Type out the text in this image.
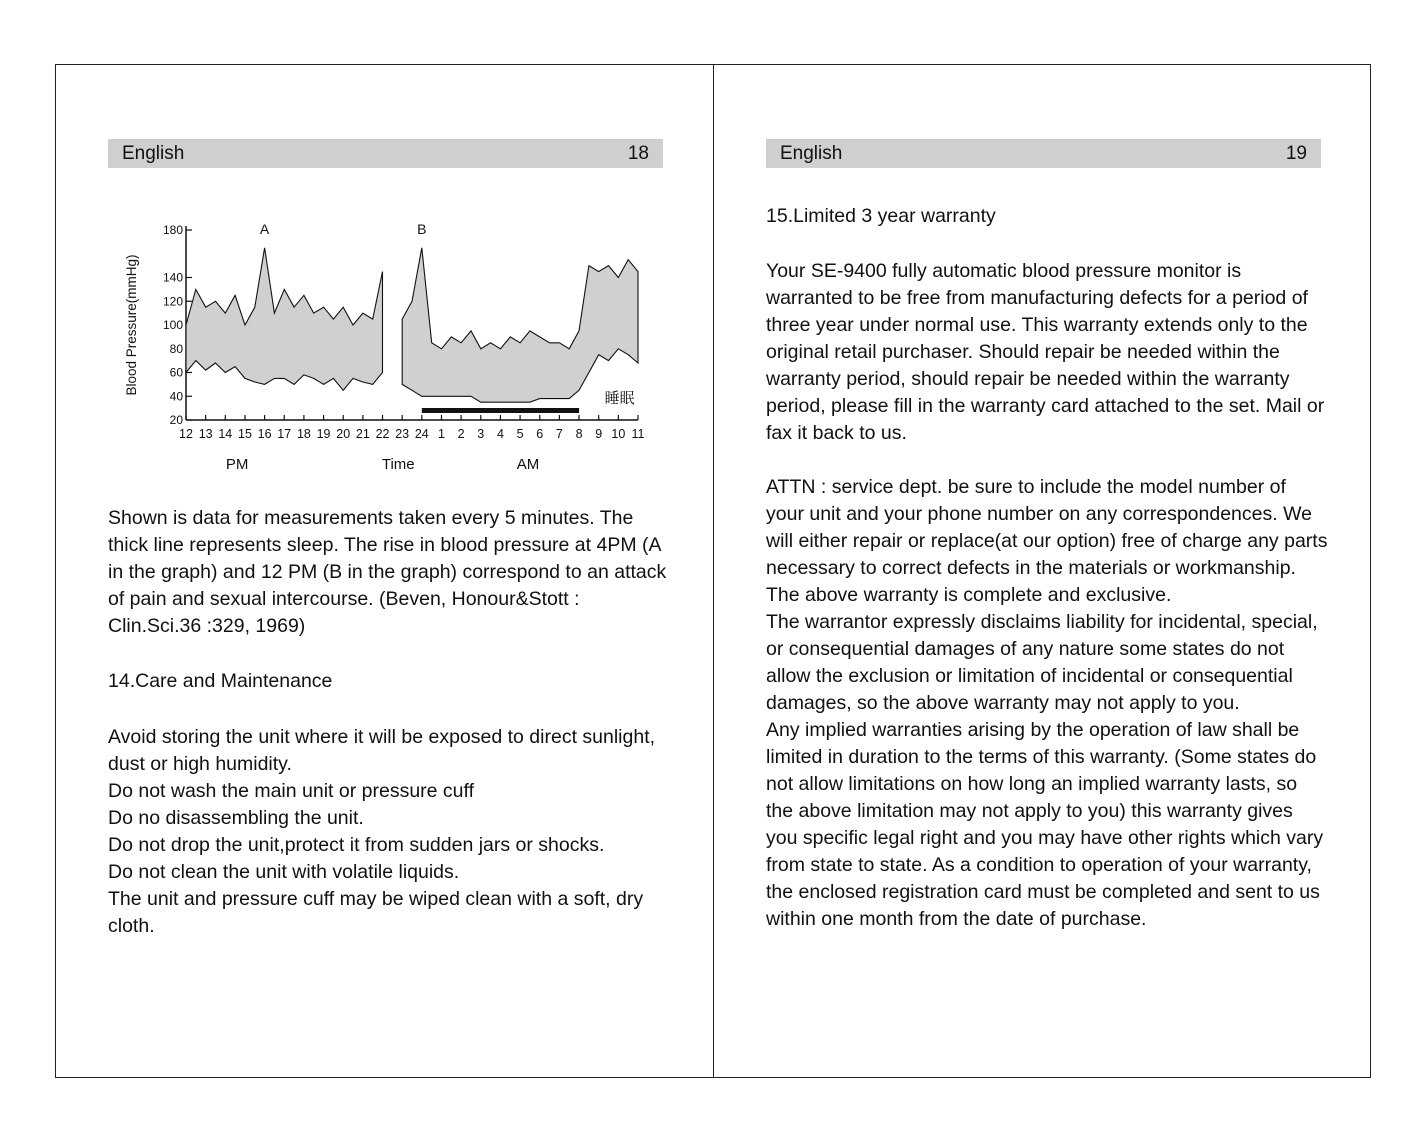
English	18
20
40
60
80
100
120
140
180
12 13 14 15 16 17 18 19 20 21 22 23 24 1 2 3 4 5 6 7 8 9 10 11
睡眠
A	B
Blood Pressure(mmHg)
PM	Time	AM

Shown is data for measurements taken every 5 minutes. The thick line represents sleep. The rise in blood pressure at 4PM (A in the graph) and 12 PM (B in the graph) correspond to an attack of pain and sexual intercourse. (Beven, Honour&Stott : Clin.Sci.36 :329, 1969)

14.Care and Maintenance

Avoid storing the unit where it will be exposed to direct sunlight, dust or high humidity.

Do not wash the main unit or pressure cuff

Do no disassembling the unit.

Do not drop the unit,protect it from sudden jars or shocks.

Do not clean the unit with volatile liquids.

The unit and pressure cuff may be wiped clean with a soft, dry cloth.

English	19
15.Limited 3 year warranty

Your SE-9400 fully automatic blood pressure monitor is warranted to be free from manufacturing defects for a period of three year under normal use. This warranty extends only to the original retail purchaser. Should repair be needed within the warranty period, should repair be needed within the warranty period, please fill in the warranty card attached to the set. Mail or fax it back to us.

ATTN : service dept. be sure to include the model number of your unit and your phone number on any correspondences. We will either repair or replace(at our option) free of charge any parts necessary to correct defects in the materials or workmanship.

The above warranty is complete and exclusive.

The warrantor expressly disclaims liability for incidental, special, or consequential damages of any nature some states do not allow the exclusion or limitation of incidental or consequential damages, so the above warranty may not apply to you.

Any implied warranties arising by the operation of law shall be limited in duration to the terms of this warranty. (Some states do not allow limitations on how long an implied warranty lasts, so the above limitation may not apply to you) this warranty gives you specific legal right and you may have other rights which vary from state to state. As a condition to operation of your warranty, the enclosed registration card must be completed and sent to us within one month from the date of purchase.
